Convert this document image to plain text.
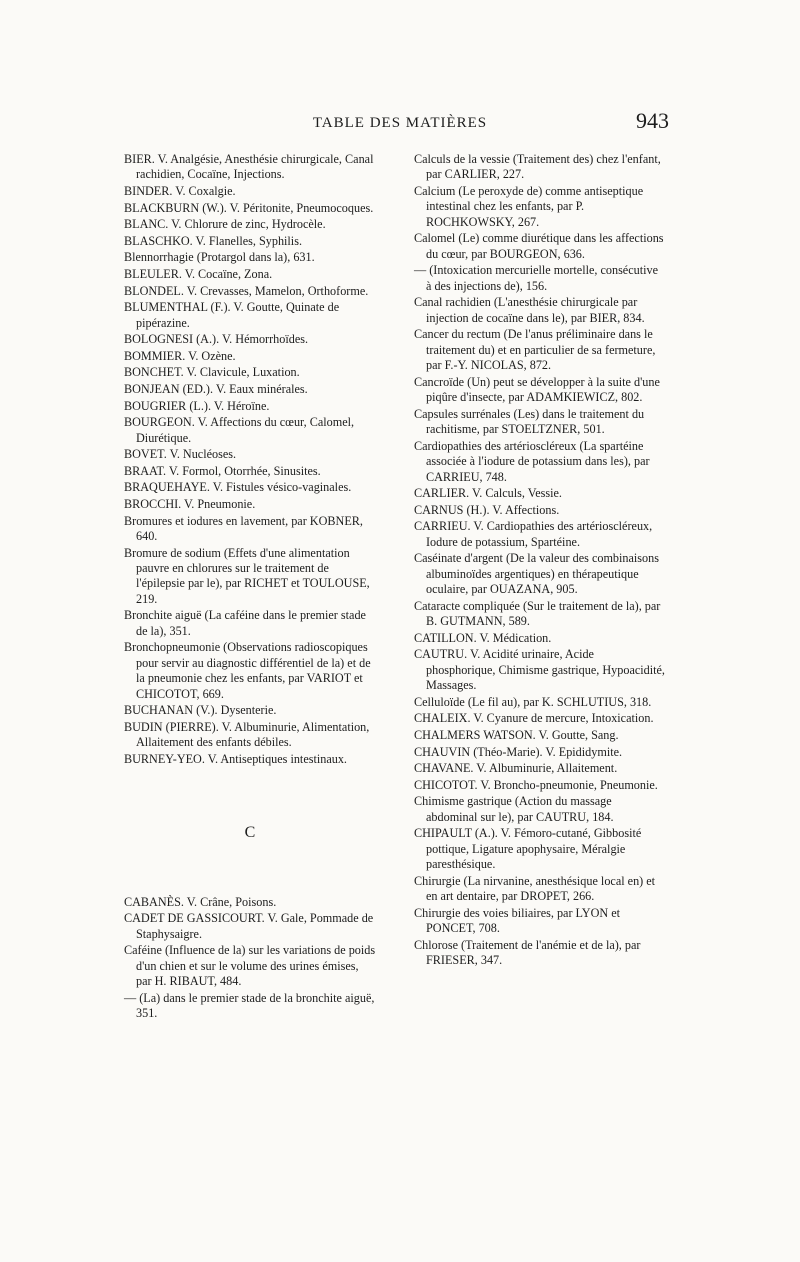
TABLE DES MATIÈRES	943
BIER. V. Analgésie, Anesthésie chirurgicale, Canal rachidien, Cocaïne, Injections.
BINDER. V. Coxalgie.
BLACKBURN (W.). V. Péritonite, Pneumocoques.
BLANC. V. Chlorure de zinc, Hydrocèle.
BLASCHKO. V. Flanelles, Syphilis.
Blennorrhagie (Protargol dans la), 631.
BLEULER. V. Cocaïne, Zona.
BLONDEL. V. Crevasses, Mamelon, Orthoforme.
BLUMENTHAL (F.). V. Goutte, Quinate de pipérazine.
BOLOGNESI (A.). V. Hémorrhoïdes.
BOMMIER. V. Ozène.
BONCHET. V. Clavicule, Luxation.
BONJEAN (ED.). V. Eaux minérales.
BOUGRIER (L.). V. Héroïne.
BOURGEON. V. Affections du cœur, Calomel, Diurétique.
BOVET. V. Nucléoses.
BRAAT. V. Formol, Otorrhée, Sinusites.
BRAQUEHAYE. V. Fistules vésico-vaginales.
BROCCHI. V. Pneumonie.
Bromures et iodures en lavement, par KOBNER, 640.
Bromure de sodium (Effets d'une alimentation pauvre en chlorures sur le traitement de l'épilepsie par le), par RICHET et TOULOUSE, 219.
Bronchite aiguë (La caféine dans le premier stade de la), 351.
Bronchopneumonie (Observations radioscopiques pour servir au diagnostic différentiel de la) et de la pneumonie chez les enfants, par VARIOT et CHICOTOT, 669.
BUCHANAN (V.). Dysenterie.
BUDIN (PIERRE). V. Albuminurie, Alimentation, Allaitement des enfants débiles.
BURNEY-YEO. V. Antiseptiques intestinaux.
C
CABANÈS. V. Crâne, Poisons.
CADET DE GASSICOURT. V. Gale, Pommade de Staphysaigre.
Caféine (Influence de la) sur les variations de poids d'un chien et sur le volume des urines émises, par H. RIBAUT, 484.
— (La) dans le premier stade de la bronchite aiguë, 351.
Calculs de la vessie (Traitement des) chez l'enfant, par CARLIER, 227.
Calcium (Le peroxyde de) comme antiseptique intestinal chez les enfants, par P. ROCHKOWSKY, 267.
Calomel (Le) comme diurétique dans les affections du cœur, par BOURGEON, 636.
— (Intoxication mercurielle mortelle, consécutive à des injections de), 156.
Canal rachidien (L'anesthésie chirurgicale par injection de cocaïne dans le), par BIER, 834.
Cancer du rectum (De l'anus préliminaire dans le traitement du) et en particulier de sa fermeture, par F.-Y. NICOLAS, 872.
Cancroïde (Un) peut se développer à la suite d'une piqûre d'insecte, par ADAMKIEWICZ, 802.
Capsules surrénales (Les) dans le traitement du rachitisme, par STOELTZNER, 501.
Cardiopathies des artérioscléreux (La spartéine associée à l'iodure de potassium dans les), par CARRIEU, 748.
CARLIER. V. Calculs, Vessie.
CARNUS (H.). V. Affections.
CARRIEU. V. Cardiopathies des artérioscléreux, Iodure de potassium, Spartéine.
Caséinate d'argent (De la valeur des combinaisons albuminoïdes argentiques) en thérapeutique oculaire, par OUAZANA, 905.
Cataracte compliquée (Sur le traitement de la), par B. GUTMANN, 589.
CATILLON. V. Médication.
CAUTRU. V. Acidité urinaire, Acide phosphorique, Chimisme gastrique, Hypoacidité, Massages.
Celluloïde (Le fil au), par K. SCHLUTIUS, 318.
CHALEIX. V. Cyanure de mercure, Intoxication.
CHALMERS WATSON. V. Goutte, Sang.
CHAUVIN (Théo-Marie). V. Epididymite.
CHAVANE. V. Albuminurie, Allaitement.
CHICOTOT. V. Broncho-pneumonie, Pneumonie.
Chimisme gastrique (Action du massage abdominal sur le), par CAUTRU, 184.
CHIPAULT (A.). V. Fémoro-cutané, Gibbosité pottique, Ligature apophysaire, Méralgie paresthésique.
Chirurgie (La nirvanine, anesthésique local en) et en art dentaire, par DROPET, 266.
Chirurgie des voies biliaires, par LYON et PONCET, 708.
Chlorose (Traitement de l'anémie et de la), par FRIESER, 347.
